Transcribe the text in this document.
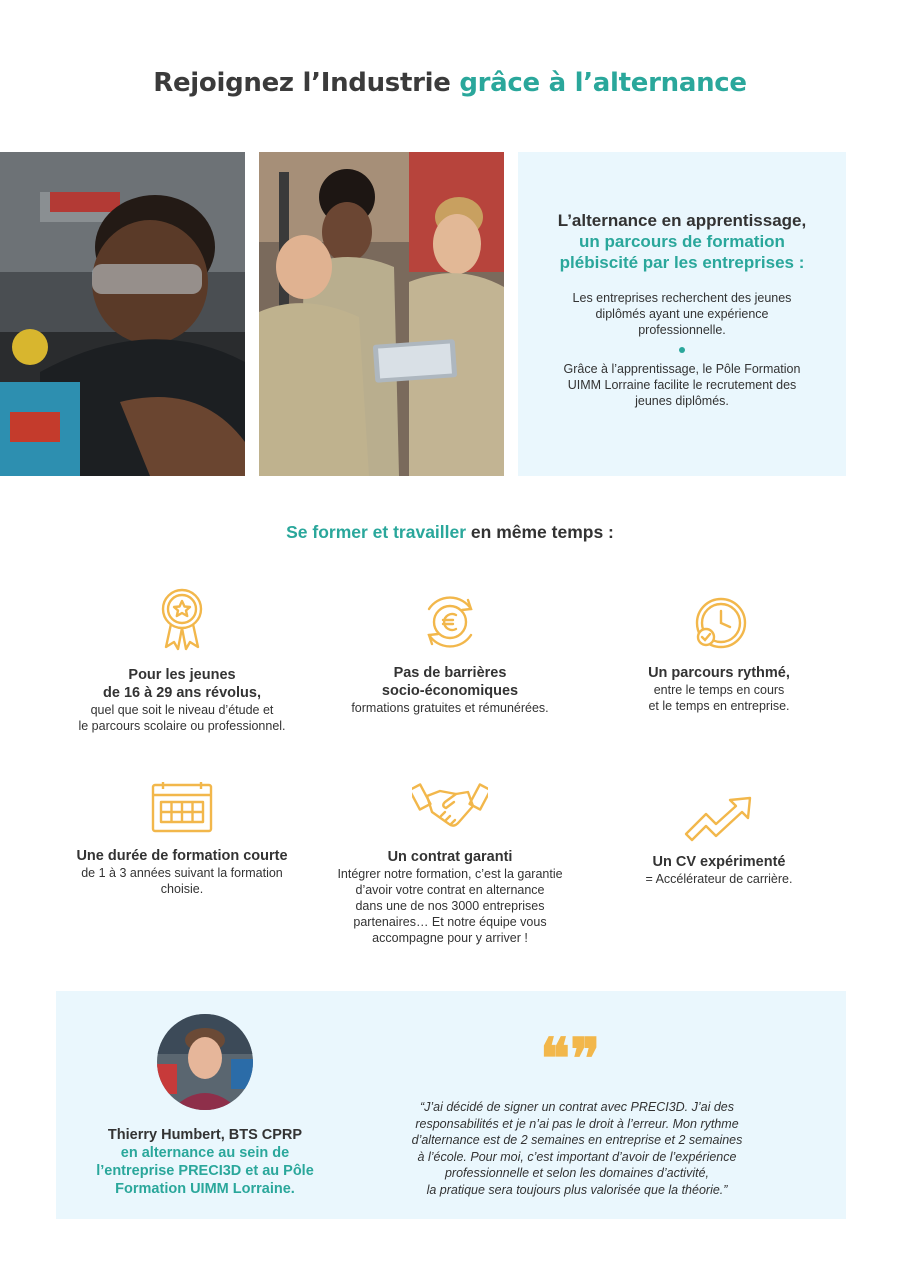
Rejoignez l’Industrie grâce à l’alternance
L’alternance en apprentissage,
un parcours de formation
plébiscité par les entreprises :

Les entreprises recherchent des jeunes diplômés ayant une expérience professionnelle.

Grâce à l’apprentissage, le Pôle Formation UIMM Lorraine facilite le recrutement des jeunes diplômés.

Se former et travailler en même temps :
Pour les jeunes
de 16 à 29 ans révolus,
quel que soit le niveau d’étude et
le parcours scolaire ou professionnel.
Pas de barrières
socio-économiques
formations gratuites et rémunérées.
Un parcours rythmé,
entre le temps en cours
et le temps en entreprise.
Une durée de formation courte
de 1 à 3 années suivant la formation
choisie.
Un contrat garanti
Intégrer notre formation, c’est la garantie
d’avoir votre contrat en alternance
dans une de nos 3000 entreprises
partenaires… Et notre équipe vous
accompagne pour y arriver !
Un CV expérimenté
= Accélérateur de carrière.
Thierry Humbert, BTS CPRP
en alternance au sein de
l’entreprise PRECI3D et au Pôle
Formation UIMM Lorraine.
❝❞
“J’ai décidé de signer un contrat avec PRECI3D. J’ai des
responsabilités et je n’ai pas le droit à l’erreur. Mon rythme
d’alternance est de 2 semaines en entreprise et 2 semaines
à l’école. Pour moi, c’est important d’avoir de l’expérience
professionnelle et selon les domaines d’activité,
la pratique sera toujours plus valorisée que la théorie.”
